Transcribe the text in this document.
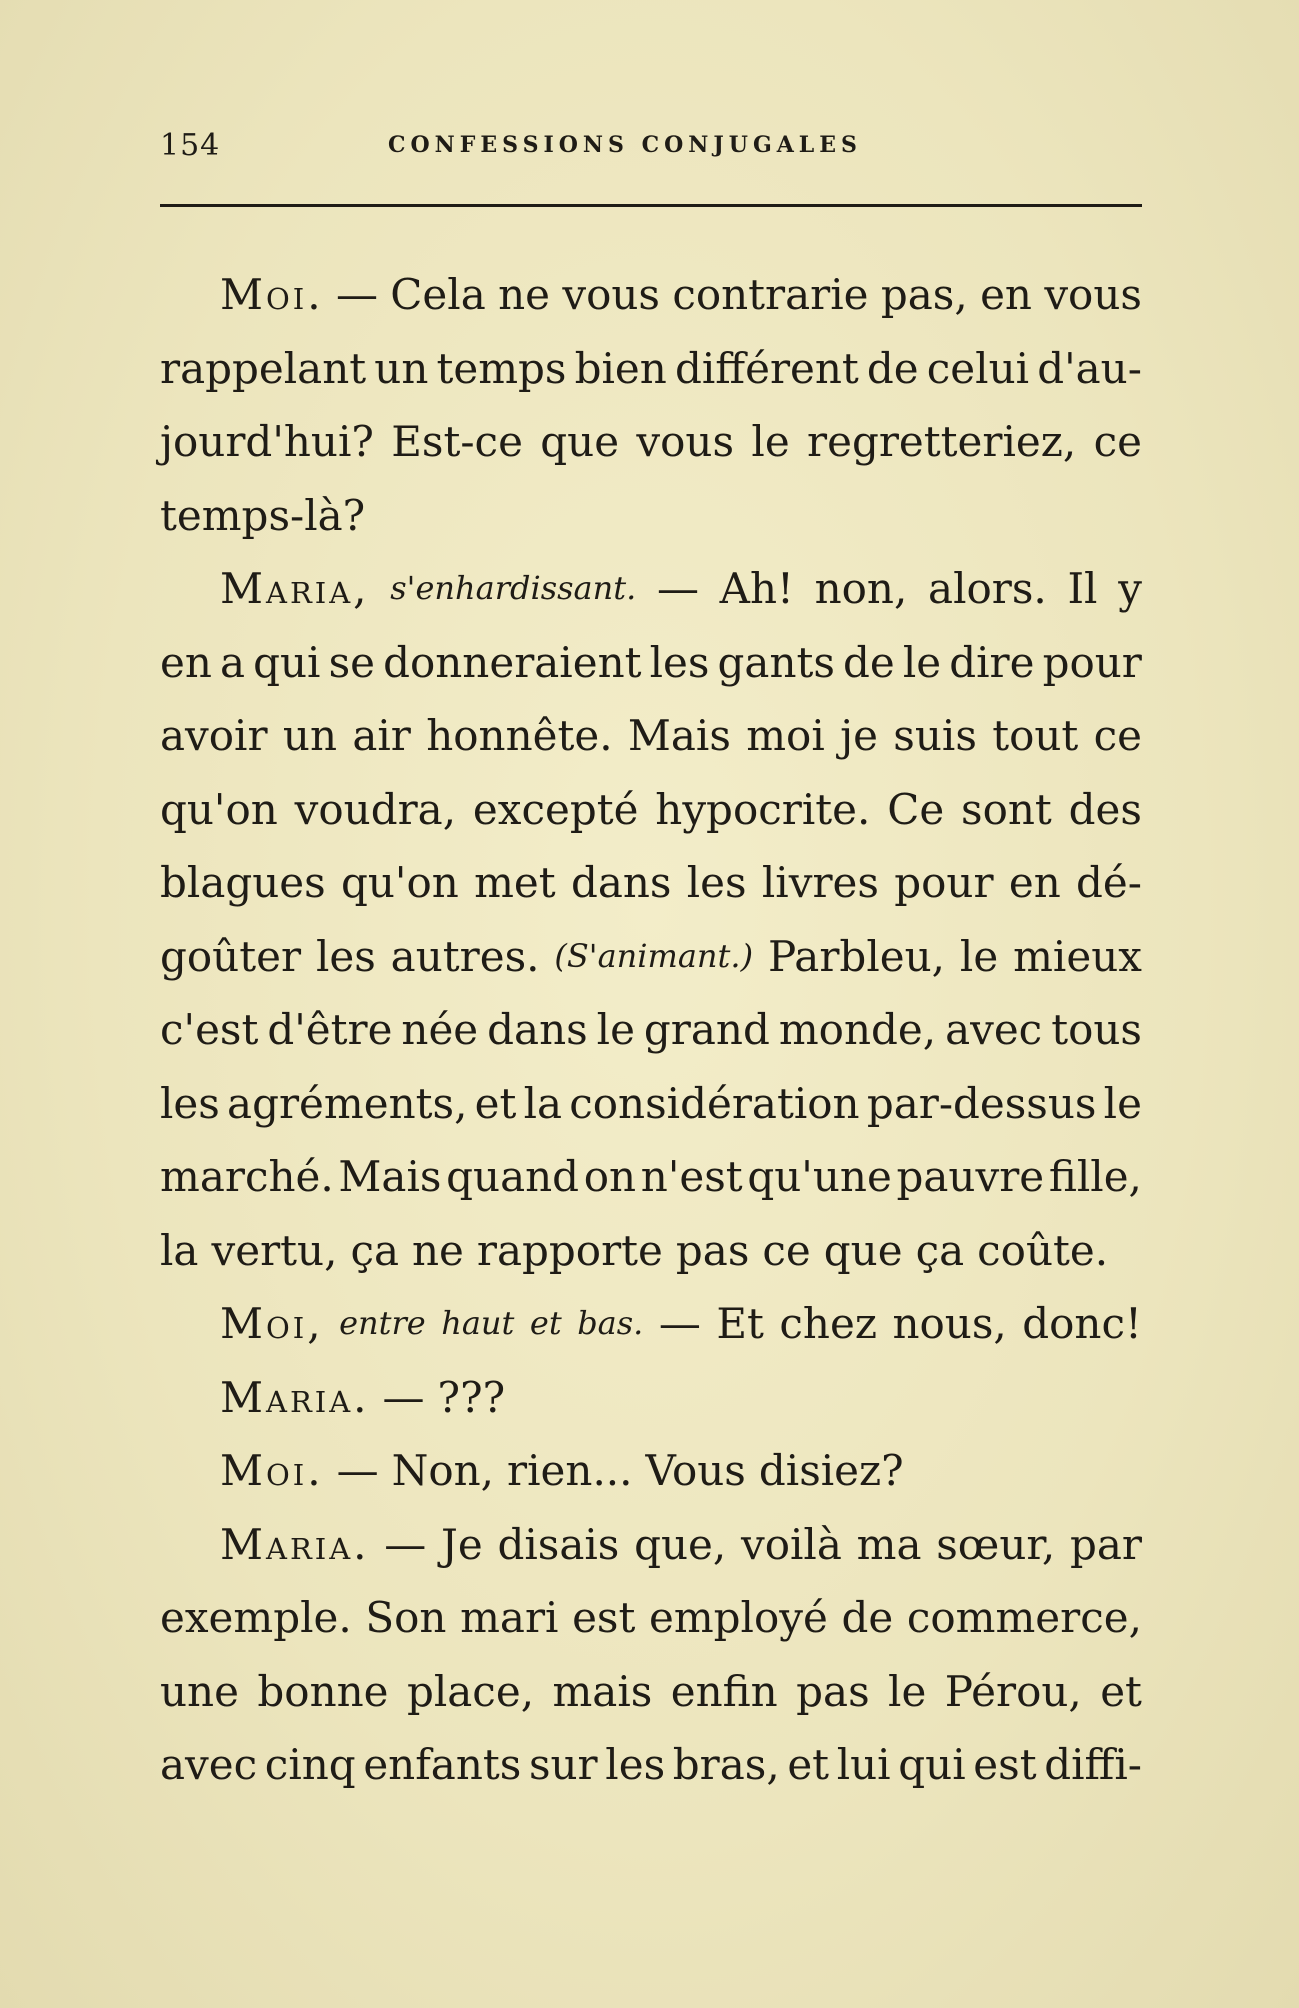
154	CONFESSIONS CONJUGALES
Moi. — Cela ne vous contrarie pas, en vous
rappelant un temps bien différent de celui d'au-
jourd'hui? Est-ce que vous le regretteriez, ce
temps-là?
Maria, s'enhardissant. — Ah! non, alors. Il y
en a qui se donneraient les gants de le dire pour
avoir un air honnête. Mais moi je suis tout ce
qu'on voudra, excepté hypocrite. Ce sont des
blagues qu'on met dans les livres pour en dé-
goûter les autres. (S'animant.) Parbleu, le mieux
c'est d'être née dans le grand monde, avec tous
les agréments, et la considération par-dessus le
marché. Mais quand on n'est qu'une pauvre fille,
la vertu, ça ne rapporte pas ce que ça coûte.
Moi, entre haut et bas. — Et chez nous, donc!
Maria. — ???
Moi. — Non, rien... Vous disiez?
Maria. — Je disais que, voilà ma sœur, par
exemple. Son mari est employé de commerce,
une bonne place, mais enfin pas le Pérou, et
avec cinq enfants sur les bras, et lui qui est diffi-
